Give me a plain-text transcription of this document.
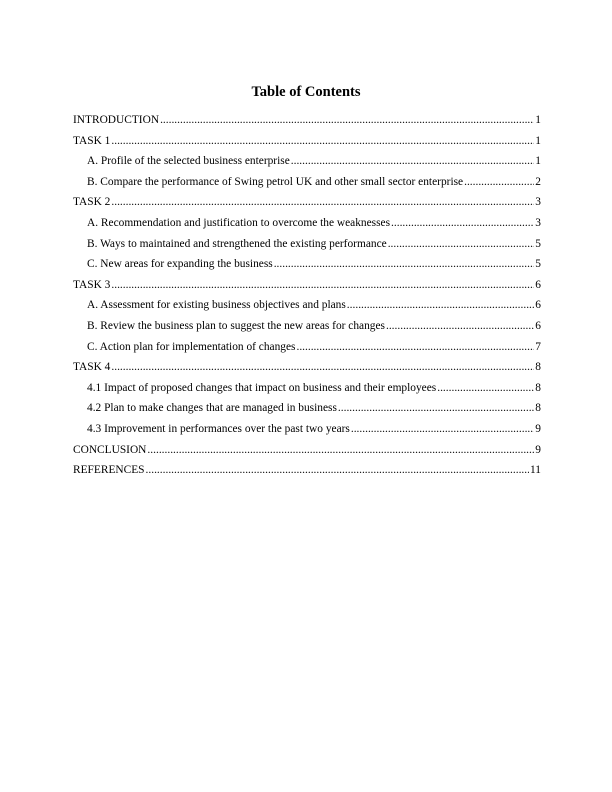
Table of Contents
INTRODUCTION .....	1
TASK 1 .....	1
A. Profile of the selected business enterprise .....	1
B. Compare the performance of Swing petrol UK and other small sector enterprise .....	2
TASK 2 .....	3
A. Recommendation and justification to overcome the weaknesses .....	3
B. Ways to maintained and strengthened the existing performance .....	5
C. New areas for expanding the business .....	5
TASK 3 .....	6
A. Assessment for existing business objectives and plans .....	6
B. Review the business plan to suggest the new areas for changes .....	6
C. Action plan for implementation of changes .....	7
TASK 4 .....	8
4.1 Impact of proposed changes that impact on business and their employees .....	8
4.2 Plan to make changes that are managed in business .....	8
4.3 Improvement in performances over the past two years .....	9
CONCLUSION .....	9
REFERENCES .....	11
